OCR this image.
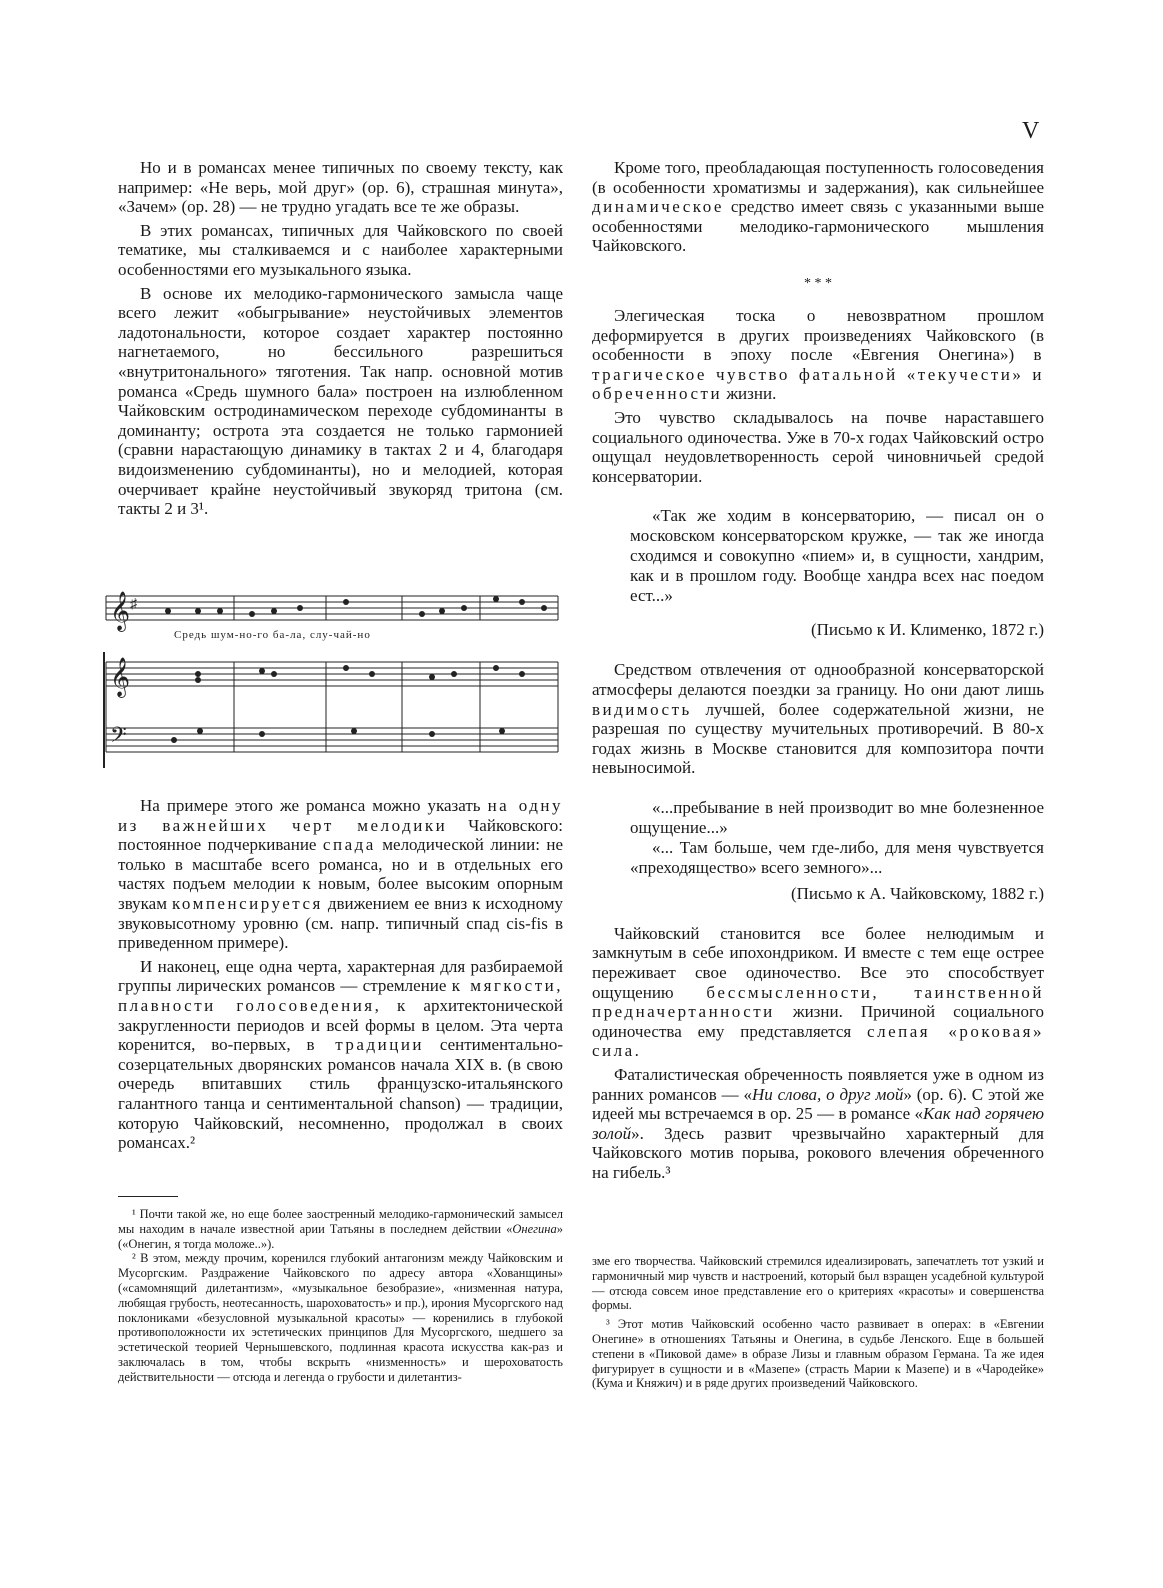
V

Но и в романсах менее типичных по своему тексту, как например: «Не верь, мой друг» (ор. 6), страшная минута», «Зачем» (ор. 28) — не трудно угадать все те же образы.

В этих романсах, типичных для Чайковского по своей тематике, мы сталкиваемся и с наиболее характерными особенностями его музыкального языка.

В основе их мелодико-гармонического замысла чаще всего лежит «обыгрывание» неустойчивых элементов ладотональности, которое создает характер постоянно нагнетаемого, но бессильного разрешиться «внутритонального» тяготения. Так напр. основной мотив романса «Средь шумного бала» построен на излюбленном Чайковским остродинамическом переходе субдоминанты в доминанту; острота эта создается не только гармонией (сравни нарастающую динамику в тактах 2 и 4, благодаря видоизменению субдоминанты), но и мелодией, которая очерчивает крайне неустойчивый звукоряд тритона (см. такты 2 и 3¹.

𝄞 ♯
Средь шум-но-го ба-ла, слу-чай-но
𝄞
𝄢

На примере этого же романса можно указать на одну из важнейших черт мелодики Чайковского: постоянное подчеркивание спада мелодической линии: не только в масштабе всего романса, но и в отдельных его частях подъем мелодии к новым, более высоким опорным звукам компенсируется движением ее вниз к исходному звуковысотному уровню (см. напр. типичный спад cis-fis в приведенном примере).

И наконец, еще одна черта, характерная для разбираемой группы лирических романсов — стремление к мягкости, плавности голосоведения, к архитектонической закругленности периодов и всей формы в целом. Эта черта коренится, во-первых, в традиции сентиментально-созерцательных дворянских романсов начала XIX в. (в свою очередь впитавших стиль французско-итальянского галантного танца и сентиментальной chanson) — традиции, которую Чайковский, несомненно, продолжал в своих романсах.²

¹ Почти такой же, но еще более заостренный мелодико-гармонический замысел мы находим в начале известной арии Татьяны в последнем действии «Онегина» («Онегин, я тогда моложе..»).

² В этом, между прочим, коренился глубокий антагонизм между Чайковским и Мусоргским. Раздражение Чайковского по адресу автора «Хованщины» («самомнящий дилетантизм», «музыкальное безобразие», «низменная натура, любящая грубость, неотесанность, шароховатость» и пр.), ирония Мусоргского над поклониками «безусловной музыкальной красоты» — коренились в глубокой противоположности их эстетических принципов Для Мусоргского, шедшего за эстетической теорией Чернышевского, подлинная красота искусства как-раз и заключалась в том, чтобы вскрыть «низменность» и шероховатость действительности — отсюда и легенда о грубости и дилетантиз-

Кроме того, преобладающая поступенность голосоведения (в особенности хроматизмы и задержания), как сильнейшее динамическое средство имеет связь с указанными выше особенностями мелодико-гармонического мышления Чайковского.

* * *

Элегическая тоска о невозвратном прошлом деформируется в других произведениях Чайковского (в особенности в эпоху после «Евгения Онегина») в трагическое чувство фатальной «текучести» и обреченности жизни.

Это чувство складывалось на почве нараставшего социального одиночества. Уже в 70-х годах Чайковский остро ощущал неудовлетворенность серой чиновничьей средой консерватории.

«Так же ходим в консерваторию, — писал он о московском консерваторском кружке, — так же иногда сходимся и совокупно «пием» и, в сущности, хандрим, как и в прошлом году. Вообще хандра всех нас поедом ест...»
(Письмо к И. Клименко, 1872 г.)

Средством отвлечения от однообразной консерваторской атмосферы делаются поездки за границу. Но они дают лишь видимость лучшей, более содержательной жизни, не разрешая по существу мучительных противоречий. В 80-х годах жизнь в Москве становится для композитора почти невыносимой.

«...пребывание в ней производит во мне болезненное ощущение...»
«... Там больше, чем где-либо, для меня чувствуется «преходящество» всего земного»...
(Письмо к А. Чайковскому, 1882 г.)

Чайковский становится все более нелюдимым и замкнутым в себе ипохондриком. И вместе с тем еще острее переживает свое одиночество. Все это способствует ощущению бессмысленности, таинственной предначертанности жизни. Причиной социального одиночества ему представляется слепая «роковая» сила.

Фаталистическая обреченность появляется уже в одном из ранних романсов — «Ни слова, о друг мой» (ор. 6). С этой же идеей мы встречаемся в ор. 25 — в романсе «Как над горячею золой». Здесь развит чрезвычайно характерный для Чайковского мотив порыва, рокового влечения обреченного на гибель.³

зме его творчества. Чайковский стремился идеализировать, запечатлеть тот узкий и гармоничный мир чувств и настроений, который был взращен усадебной культурой — отсюда совсем иное представление его о критериях «красоты» и совершенства формы.

³ Этот мотив Чайковский особенно часто развивает в операх: в «Евгении Онегине» в отношениях Татьяны и Онегина, в судьбе Ленского. Еще в большей степени в «Пиковой даме» в образе Лизы и главным образом Германа. Та же идея фигурирует в сущности и в «Мазепе» (страсть Марии к Мазепе) и в «Чародейке» (Кума и Княжич) и в ряде других произведений Чайковского.
